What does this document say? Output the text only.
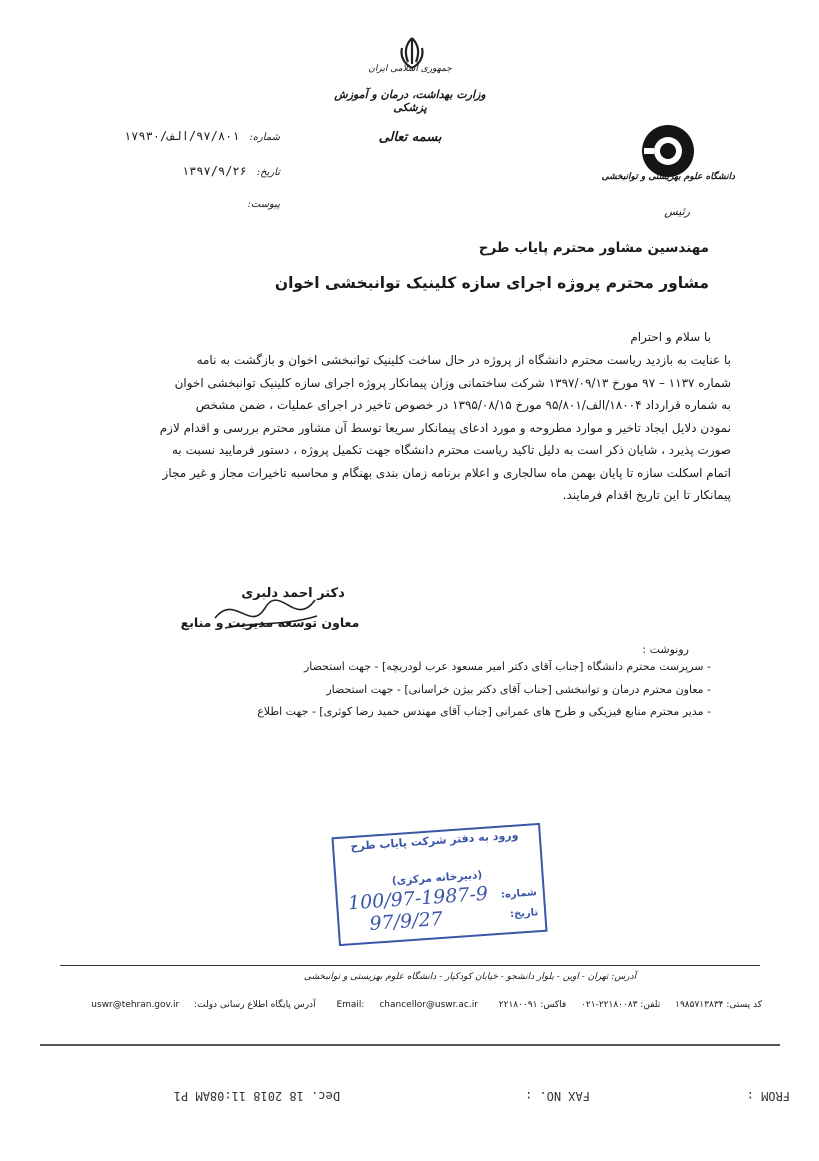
جمهوری اسلامی ایران
وزارت بهداشت، درمان و آموزش پزشکی
بسمه تعالی
دانشگاه علوم بهزیستی و توانبخشی
رئیس
شماره: ۹۷/۸۰۱/الف/۱۷۹۳۰
تاریخ: ۱۳۹۷/۹/۲۶
پیوست:
مهندسین مشاور محترم پایاب طرح
مشاور محترم پروژه اجرای سازه کلینیک توانبخشی اخوان
با سلام و احترام

با عنایت به بازدید ریاست محترم دانشگاه از پروژه در حال ساخت کلینیک توانبخشی اخوان و بازگشت به نامه

شماره ۱۱۳۷ – ۹۷ مورخ ۱۳۹۷/۰۹/۱۳ شرکت ساختمانی وزان پیمانکار پروژه اجرای سازه کلینیک توانبخشی اخوان

به شماره قرارداد ۱۸۰۰۴/الف/۹۵/۸۰۱ مورخ ۱۳۹۵/۰۸/۱۵ در خصوص تاخیر در اجرای عملیات ، ضمن مشخص

نمودن دلایل ایجاد تاخیر و موارد مطروحه و مورد ادعای پیمانکار سریعا توسط آن مشاور محترم بررسی و اقدام لازم

صورت پذیرد ، شایان ذکر است به دلیل تاکید ریاست محترم دانشگاه جهت تکمیل پروژه ، دستور فرمایید نسبت به

اتمام اسکلت سازه تا پایان بهمن ماه سالجاری و اعلام برنامه زمان بندی بهنگام و محاسبه تاخیرات مجاز و غیر مجاز

پیمانکار تا این تاریخ اقدام فرمایند.

دکتر احمد دلبری
معاون توسعه مدیریت و منابع
رونوشت :
- سرپرست محترم دانشگاه [جناب آقای دکتر امیر مسعود عرب لودریچه] - جهت استحضار
- معاون محترم درمان و توانبخشی [جناب آقای دکتر بیژن خراسانی] - جهت استحضار
- مدیر محترم منابع فیزیکی و طرح های عمرانی [جناب آقای مهندس حمید رضا کوثری] - جهت اطلاع
ورود به دفتر شرکت پایاب طرح
(دبیرخانه مرکزی)
شماره:
تاریخ:
100/97-1987-9
97/9/27
آدرس: تهران - اوین - بلوار دانشجو - خیابان کودکیار - دانشگاه علوم بهزیستی و توانبخشی
کد پستی: ۱۹۸۵۷۱۳۸۳۴ تلفن: ۲۲۱۸۰۰۸۳-۰۲۱ فاکس: ۲۲۱۸۰۰۹۱ Email: chancellor@uswr.ac.ir آدرس پایگاه اطلاع رسانی دولت: uswr@tehran.gov.ir
FROM :
FAX NO. :
Dec. 18 2018 11:08AM P1
